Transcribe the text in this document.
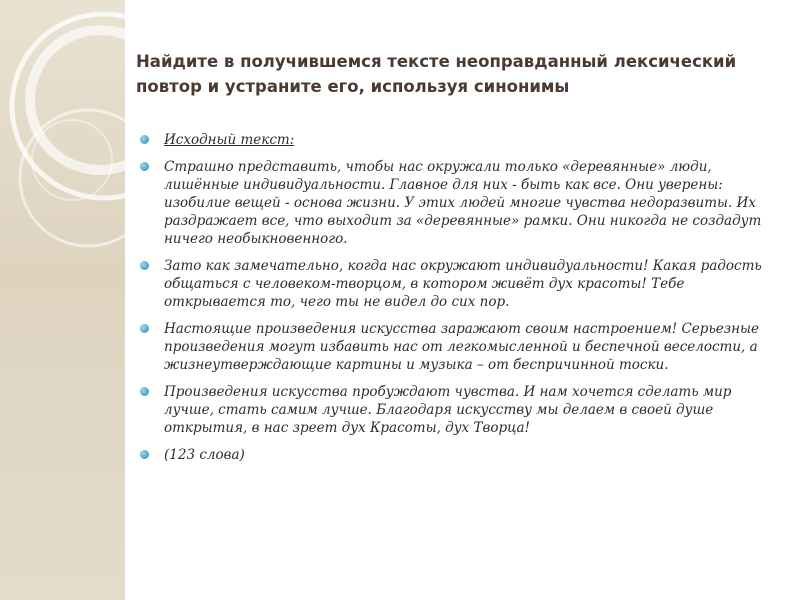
Найдите в получившемся тексте неоправданный лексический повтор и устраните его, используя синонимы
Исходный текст:
Страшно представить, чтобы нас окружали только «деревянные» люди, лишённые индивидуальности. Главное для них - быть как все. Они уверены: изобилие вещей - основа жизни. У этих людей многие чувства недоразвиты. Их раздражает все, что выходит за «деревянные» рамки. Они никогда не создадут ничего необыкновенного.
Зато как замечательно, когда нас окружают индивидуальности! Какая радость общаться с человеком-творцом, в котором живёт дух красоты! Тебе открывается то, чего ты не видел до сих пор.
Настоящие произведения искусства заражают своим настроением! Серьезные произведения могут избавить нас от легкомысленной и беспечной веселости, а жизнеутверждающие картины и музыка – от беспричинной тоски.
Произведения искусства пробуждают чувства. И нам хочется сделать мир лучше, стать самим лучше. Благодаря искусству мы делаем в своей душе открытия, в нас зреет дух Красоты, дух Творца!
(123 слова)
